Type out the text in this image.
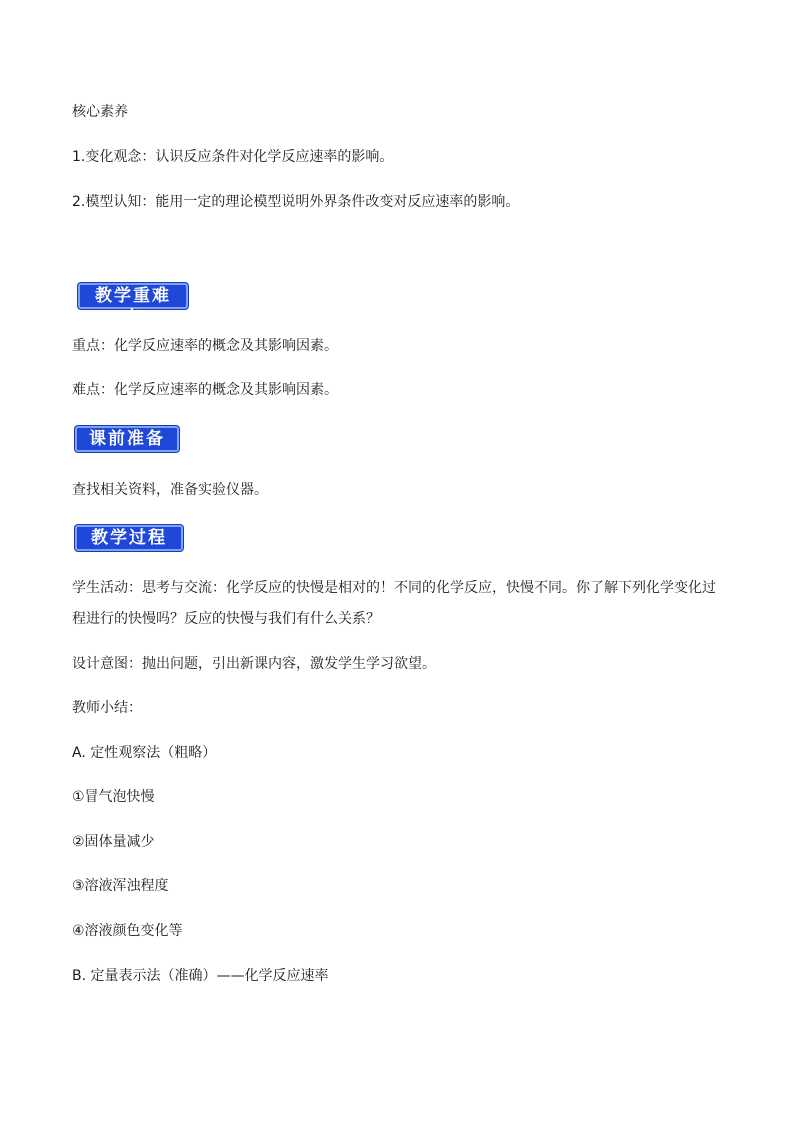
核心素养
1.变化观念：认识反应条件对化学反应速率的影响。
2.模型认知：能用一定的理论模型说明外界条件改变对反应速率的影响。
教学重难点
重点：化学反应速率的概念及其影响因素。
难点：化学反应速率的概念及其影响因素。
课前准备
查找相关资料，准备实验仪器。
教学过程
学生活动：思考与交流：化学反应的快慢是相对的！不同的化学反应，快慢不同。你了解下列化学变化过
程进行的快慢吗？反应的快慢与我们有什么关系？
设计意图：抛出问题，引出新课内容，激发学生学习欲望。
教师小结：
A. 定性观察法（粗略）
①冒气泡快慢
②固体量减少
③溶液浑浊程度
④溶液颜色变化等
B. 定量表示法（准确）——化学反应速率
